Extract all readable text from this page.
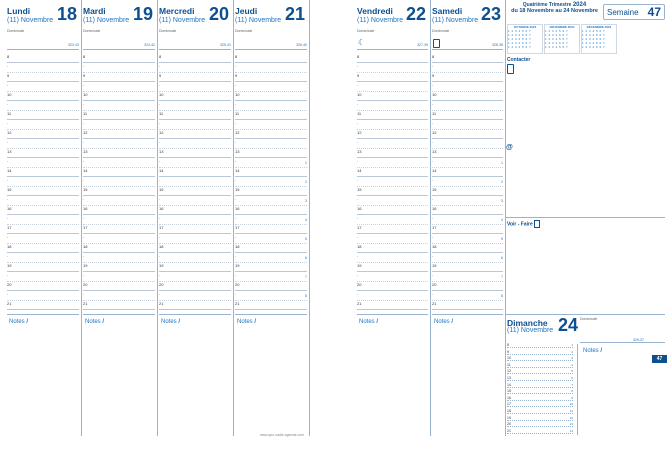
Lundi
(11) Novembre 18
Dominicale
323-43
8
·
9
·
10
·
11
·
12
·
13
·
14
·
15
·
16
·
17
·
18
·
19
·
20
·
21
Notes /
Mardi
(11) Novembre 19
Dominicale
324-42
8
·
9
·
10
·
11
·
12
·
13
·
14
·
15
·
16
·
17
·
18
·
19
·
20
·
21
Notes /
Mercredi
(11) Novembre 20
Dominicale
325-41
8
·
9
·
10
·
11
·
12
·
13
·
14
·
15
·
16
·
17
·
18
·
19
·
20
·
21
Notes /
Jeudi
(11) Novembre 21
Dominicale
326-40
8
·
9
·
10
·
11
·
12
·
13
·	1
14
·	2
15
·	3
16
·	4
17
·	5
18
·	6
19
·	7
20
·	8
21
Notes /
Quatrième Trimestre 2024
du 18 Novembre au 24 Novembre	Semaine 47
OCTOBRE 2024
1 2 3 4 5 6 7
1 2 3 4 5 6 7
1 2 3 4 5 6 7
1 2 3 4 5 6 7
1 2 3 4 5 6 7
NOVEMBRE 2024
1 2 3 4 5 6 7
1 2 3 4 5 6 7
1 2 3 4 5 6 7
1 2 3 4 5 6 7
1 2 3 4 5 6 7
DÉCEMBRE 2024
1 2 3 4 5 6 7
1 2 3 4 5 6 7
1 2 3 4 5 6 7
1 2 3 4 5 6 7
1 2 3 4 5 6 7
Contacter
@
Voir - Faire
Dimanche
(11) Novembre 24 Dominicale
329-37
Notes /
8	1
9	2
10	3
11	4
12	5
13	6
14	7
15	8
16	9
17	10
18	11
19	12
20	13
21	14
Vendredi
(11) Novembre 22
Dominicale
327-39
☾
8
·
9
·
10
·
11
·
12
·
13
·
14
·
15
·
16
·
17
·
18
·
19
·
20
·
21
Notes /
Samedi
(11) Novembre 23
Dominicale
328-38
8
·
9
·
10
·
11
·
12
·
13
·	1
14
·	2
15
·	3
16
·	4
17
·	5
18
·	6
19
·	7
20
·	8
21
Notes /
www.quo-vadis-agenda.com
47
